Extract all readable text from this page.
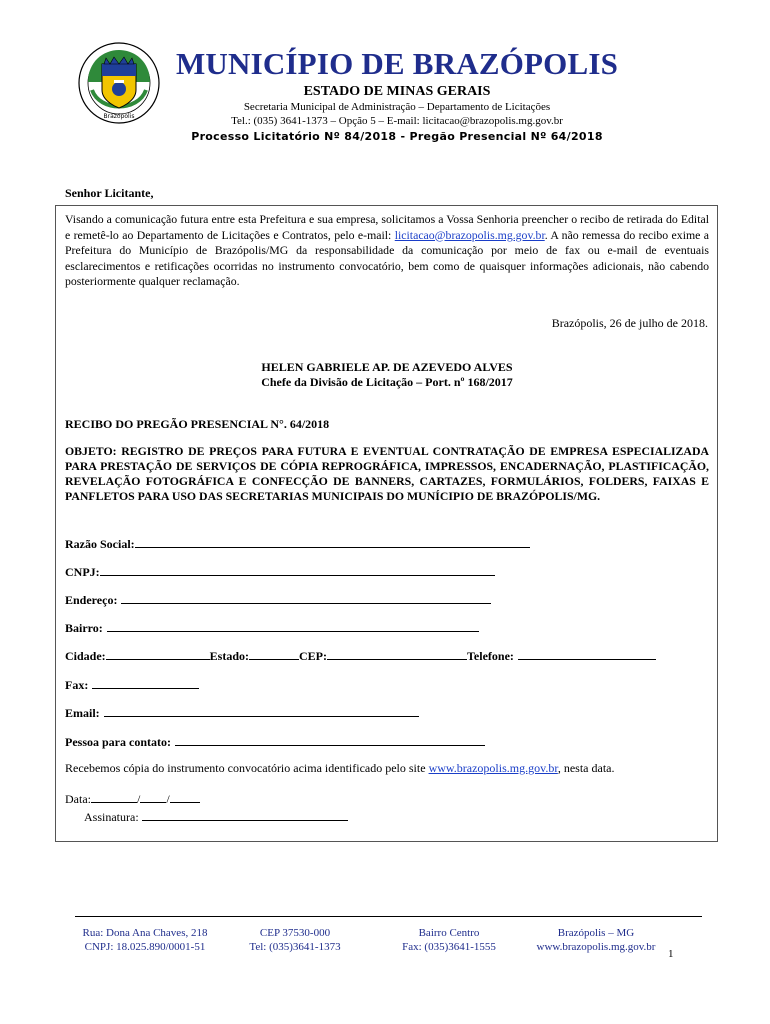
Brazópolis
MUNICÍPIO DE BRAZÓPOLIS
ESTADO DE MINAS GERAIS
Secretaria Municipal de Administração – Departamento de Licitações
Tel.: (035) 3641-1373 – Opção 5 – E-mail: licitacao@brazopolis.mg.gov.br
Processo Licitatório Nº 84/2018 - Pregão Presencial Nº 64/2018
Senhor Licitante,
Visando a comunicação futura entre esta Prefeitura e sua empresa, solicitamos a Vossa Senhoria preencher o recibo de retirada do Edital e remetê-lo ao Departamento de Licitações e Contratos, pelo e-mail: licitacao@brazopolis.mg.gov.br. A não remessa do recibo exime a Prefeitura do Município de Brazópolis/MG da responsabilidade da comunicação por meio de fax ou e-mail de eventuais esclarecimentos e retificações ocorridas no instrumento convocatório, bem como de quaisquer informações adicionais, não cabendo posteriormente qualquer reclamação.
Brazópolis, 26 de julho de 2018.
HELEN GABRIELE AP. DE AZEVEDO ALVES
Chefe da Divisão de Licitação – Port. nº 168/2017
RECIBO DO PREGÃO PRESENCIAL N°. 64/2018
OBJETO: REGISTRO DE PREÇOS PARA FUTURA E EVENTUAL CONTRATAÇÃO DE EMPRESA ESPECIALIZADA PARA PRESTAÇÃO DE SERVIÇOS DE CÓPIA REPROGRÁFICA, IMPRESSOS, ENCADERNAÇÃO, PLASTIFICAÇÃO, REVELAÇÃO FOTOGRÁFICA E CONFECÇÃO DE BANNERS, CARTAZES, FORMULÁRIOS, FOLDERS, FAIXAS E PANFLETOS PARA USO DAS SECRETARIAS MUNICIPAIS DO MUNÍCIPIO DE BRAZÓPOLIS/MG.
Razão Social:
CNPJ:
Endereço:
Bairro:
Cidade:	Estado:	CEP:	Telefone:
Fax:
Email:
Pessoa para contato:
Recebemos cópia do instrumento convocatório acima identificado pelo site www.brazopolis.mg.gov.br, nesta data.
Data:	/ /
Assinatura:
Rua: Dona Ana Chaves, 218
CNPJ: 18.025.890/0001-51
CEP 37530-000
Tel: (035)3641-1373
Bairro Centro
Fax: (035)3641-1555
Brazópolis – MG
www.brazopolis.mg.gov.br
1
